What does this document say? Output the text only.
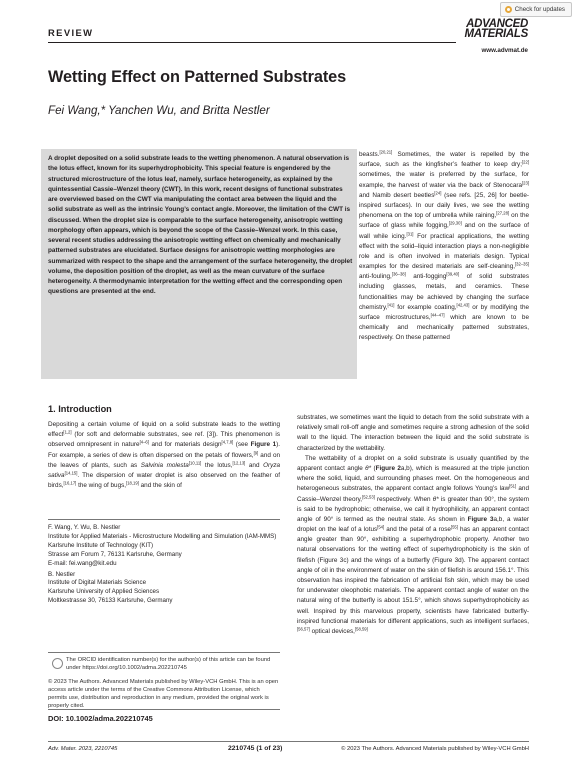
Check for updates
REVIEW
ADVANCED
MATERIALS
www.advmat.de
Wetting Effect on Patterned Substrates
Fei Wang,* Yanchen Wu, and Britta Nestler
A droplet deposited on a solid substrate leads to the wetting phenomenon. A natural observation is the lotus effect, known for its superhydrophobicity. This special feature is engendered by the structured microstructure of the lotus leaf, namely, surface heterogeneity, as explained by the quintessential Cassie–Wenzel theory (CWT). In this work, recent designs of functional substrates are overviewed based on the CWT via manipulating the contact area between the liquid and the solid substrate as well as the intrinsic Young’s contact angle. Moreover, the limitation of the CWT is discussed. When the droplet size is comparable to the surface heterogeneity, anisotropic wetting morphology often appears, which is beyond the scope of the Cassie–Wenzel work. In this case, several recent studies addressing the anisotropic wetting effect on chemically and mechanically patterned substrates are elucidated. Surface designs for anisotropic wetting morphologies are summarized with respect to the shape and the arrangement of the surface heterogeneity, the droplet volume, the deposition position of the droplet, as well as the mean curvature of the surface heterogeneity. A thermodynamic interpretation for the wetting effect and the corresponding open questions are presented at the end.
1. Introduction

Depositing a certain volume of liquid on a solid substrate leads to the wetting effect[1,2] (for soft and deformable substrates, see ref. [3]). This phenomenon is observed omnipresent in nature[4–6] and for materials design[4,7,8] (see Figure 1). For example, a series of dew is often dispersed on the petals of flowers,[9] and on the leaves of plants, such as Salvinia molesta[10,11] the lotus,[12,13] and Oryza sativa[14,15]. The dispersion of water droplet is also observed on the feather of birds,[16,17] the wing of bugs,[18,19] and the skin of

F. Wang, Y. Wu, B. Nestler
Institute for Applied Materials - Microstructure Modelling and Simulation (IAM-MMS)
Karlsruhe Institute of Technology (KIT)
Strasse am Forum 7, 76131 Karlsruhe, Germany
E-mail: fei.wang@kit.edu

B. Nestler
Institute of Digital Materials Science
Karlsruhe University of Applied Sciences
Moltkestrasse 30, 76133 Karlsruhe, Germany

The ORCID identification number(s) for the author(s) of this article can be found under https://doi.org/10.1002/adma.202210745
© 2023 The Authors. Advanced Materials published by Wiley-VCH GmbH. This is an open access article under the terms of the Creative Commons Attribution License, which permits use, distribution and reproduction in any medium, provided the original work is properly cited.
DOI: 10.1002/adma.202210745

beasts.[20,21] Sometimes, the water is repelled by the surface, such as the kingfisher’s feather to keep dry;[22] sometimes, the water is preferred by the surface, for example, the harvest of water via the back of Stenocara[23] and Namib desert beetles[24] (see refs. [25, 26] for beetle-inspired surfaces). In our daily lives, we see the wetting phenomena on the top of umbrella while raining,[27,28] on the surface of glass while fogging,[29,30] and on the surface of wall while icing.[31] For practical applications, the wetting effect with the solid–liquid interaction plays a non-negligible role and is often involved in materials design. Typical examples for the desired materials are self-cleaning,[32–35] anti-fouling,[36–38] anti-fogging[39,40] of solid substrates including glasses, metals, and ceramics. These functionalities may be achieved by changing the surface chemistry,[41] for example coating,[42,43] or by modifying the surface microstructures,[44–47] which are known to be chemically and mechanically patterned substrates, respectively. On these patterned

substrates, we sometimes want the liquid to detach from the solid substrate with a relatively small roll-off angle and sometimes require a strong adhesion of the solid wall to the liquid. The interaction between the liquid and the solid substrate is characterized by the wettability.

The wettability of a droplet on a solid substrate is usually quantified by the apparent contact angle θ* (Figure 2a,b), which is measured at the triple junction where the solid, liquid, and surrounding phases meet. On the homogeneous and heterogeneous substrates, the apparent contact angle follows Young’s law[51] and Cassie–Wenzel theory,[52,53] respectively. When θ* is greater than 90°, the system is said to be hydrophobic; otherwise, we call it hydrophilicity, an apparent contact angle of 90° is termed as the neutral state. As shown in Figure 3a,b, a water droplet on the leaf of a lotus[54] and the petal of a rose[55] has an apparent contact angle greater than 90°, exhibiting a superhydrophobic property. Another two natural observations for the wetting effect of superhydrophobicity is the skin of filefish (Figure 3c) and the wings of a butterfly (Figure 3d). The apparent contact angle of oil in the environment of water on the skin of filefish is around 156.1°. This observation has inspired the fabrication of artificial fish skin, which may be used for underwater oleophobic materials. The apparent contact angle of water on the natural wing of the butterfly is about 151.5°, which shows superhydrophobicity as well. Inspired by this marvelous property, scientists have fabricated butterfly-inspired functional materials for different applications, such as intelligent surfaces,[56,57] optical devices,[58,59]

Adv. Mater. 2023, 2210745	2210745 (1 of 23)	© 2023 The Authors. Advanced Materials published by Wiley-VCH GmbH
